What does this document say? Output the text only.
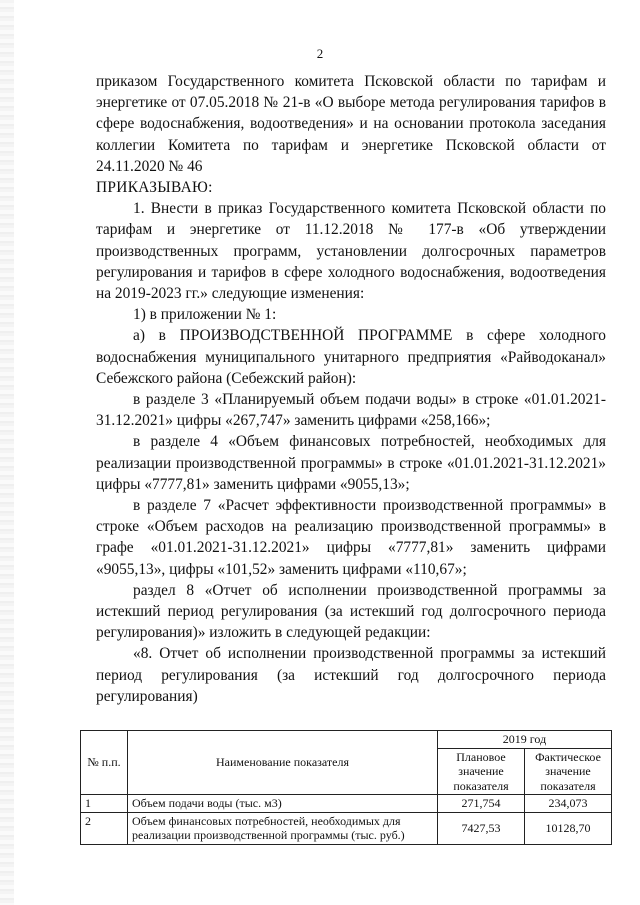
2

приказом Государственного комитета Псковской области по тарифам и энергетике от 07.05.2018 № 21-в «О выборе метода регулирования тарифов в сфере водоснабжения, водоотведения» и на основании протокола заседания коллегии Комитета по тарифам и энергетике Псковской области от 24.11.2020 № 46

ПРИКАЗЫВАЮ:

1. Внести в приказ Государственного комитета Псковской области по тарифам и энергетике от 11.12.2018 № 177-в «Об утверждении производственных программ, установлении долгосрочных параметров регулирования и тарифов в сфере холодного водоснабжения, водоотведения на 2019-2023 гг.» следующие изменения:

1) в приложении № 1:

а) в ПРОИЗВОДСТВЕННОЙ ПРОГРАММЕ в сфере холодного водоснабжения муниципального унитарного предприятия «Райводоканал» Себежского района (Себежский район):

в разделе 3 «Планируемый объем подачи воды» в строке «01.01.2021-31.12.2021» цифры «267,747» заменить цифрами «258,166»;

в разделе 4 «Объем финансовых потребностей, необходимых для реализации производственной программы» в строке «01.01.2021-31.12.2021» цифры «7777,81» заменить цифрами «9055,13»;

в разделе 7 «Расчет эффективности производственной программы» в строке «Объем расходов на реализацию производственной программы» в графе «01.01.2021-31.12.2021» цифры «7777,81» заменить цифрами «9055,13», цифры «101,52» заменить цифрами «110,67»;

раздел 8 «Отчет об исполнении производственной программы за истекший период регулирования (за истекший год долгосрочного периода регулирования)» изложить в следующей редакции:

«8. Отчет об исполнении производственной программы за истекший период регулирования (за истекший год долгосрочного периода регулирования)

№ п.п.	Наименование показателя	2019 год	
		Плановое значение показателя	Фактическое значение показателя
1	Объем подачи воды (тыс. м3)	271,754	234,073
2	Объем финансовых потребностей, необходимых для реализации производственной программы (тыс. руб.)	7427,53	10128,70
